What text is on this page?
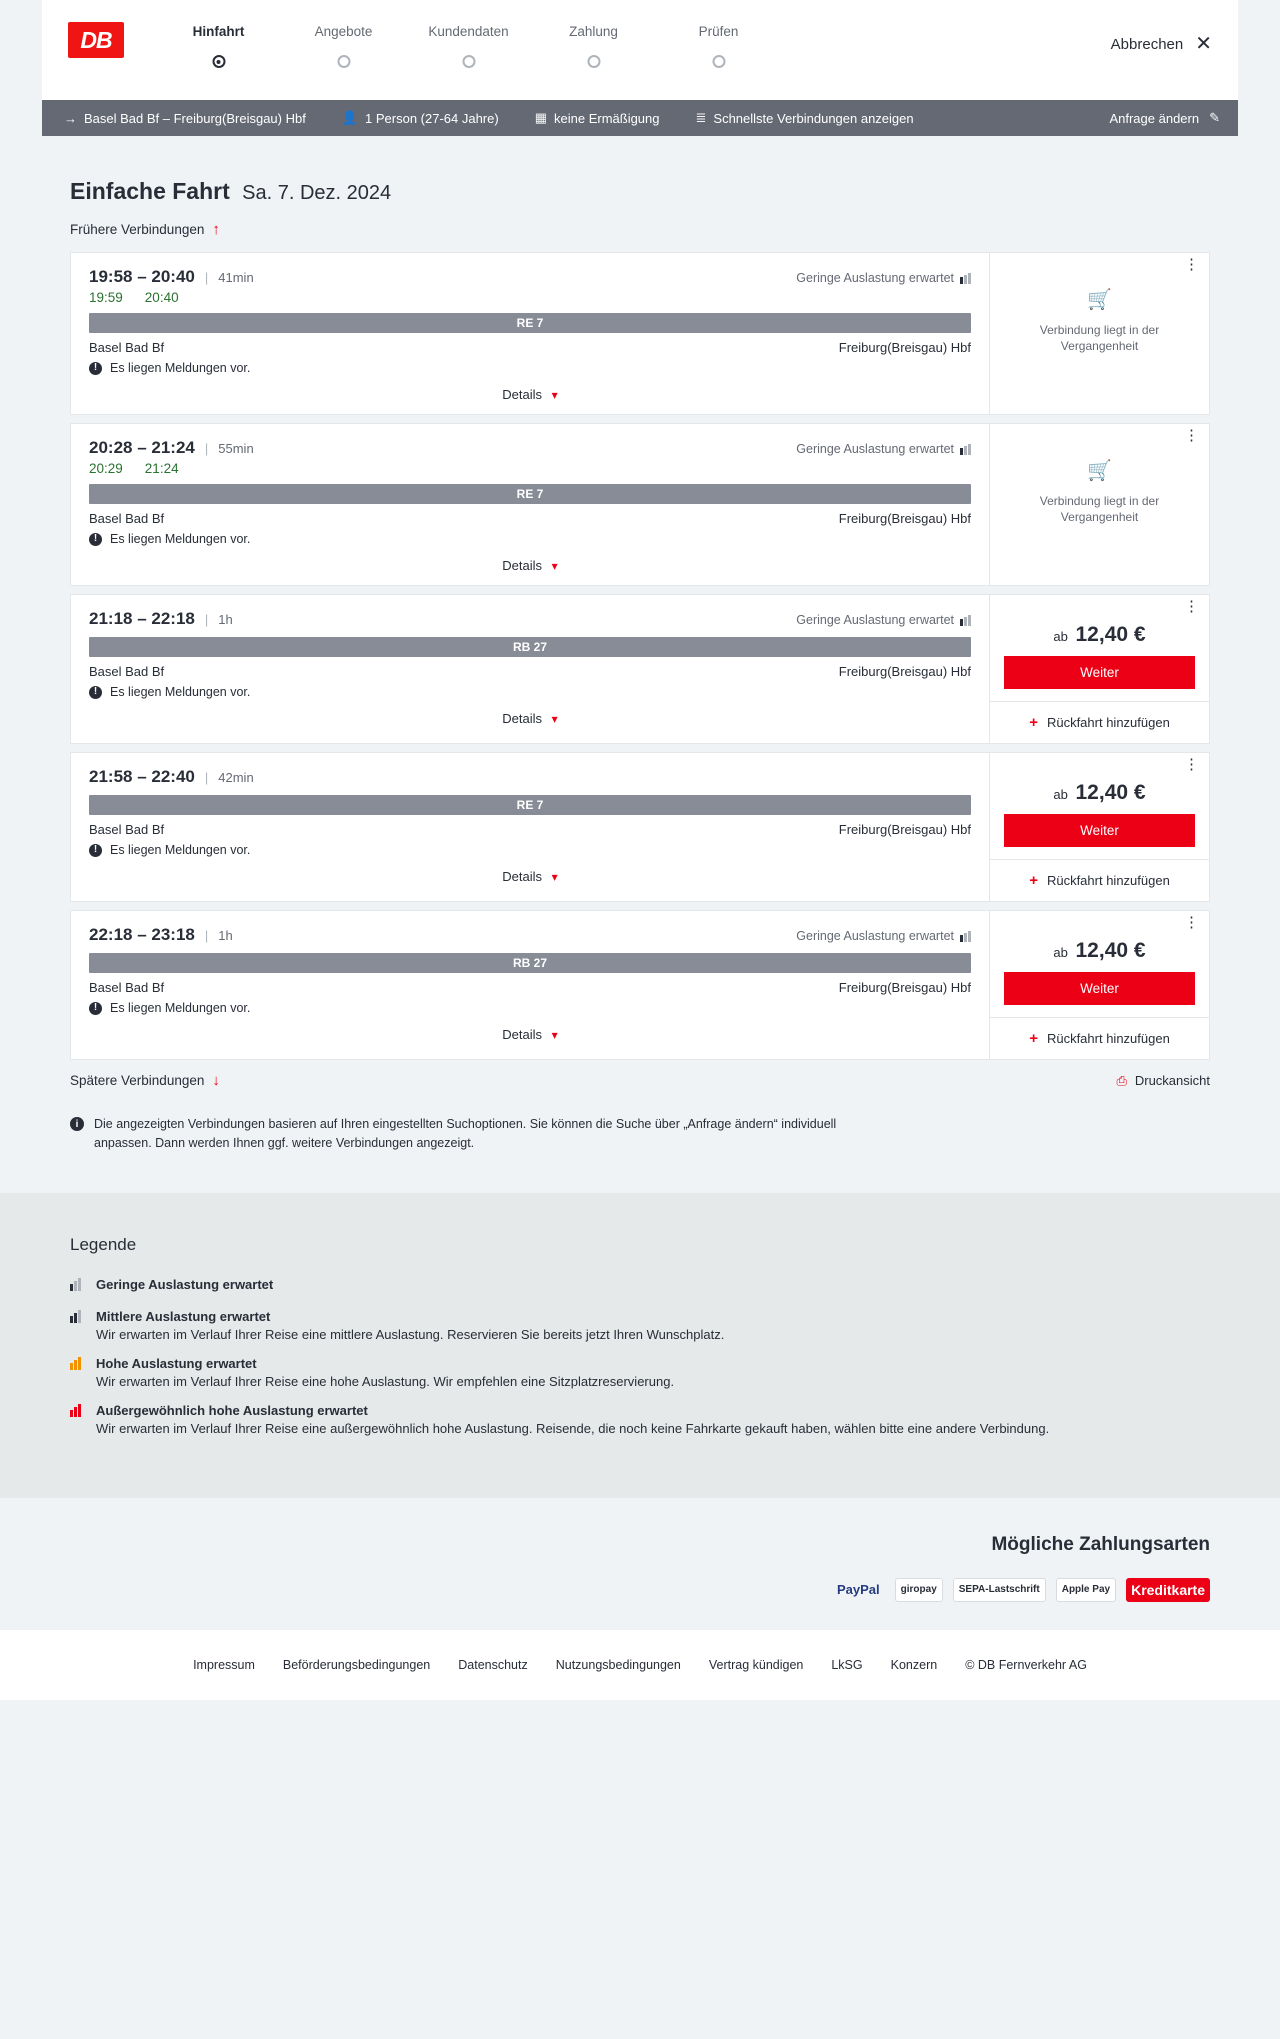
DB	Hinfahrt	Angebote	Kundendaten	Zahlung	Prüfen
Abbrechen ✕
→ Basel Bad Bf – Freiburg(Breisgau) Hbf	👤 1 Person (27-64 Jahre)	▦ keine Ermäßigung	≣ Schnellste Verbindungen anzeigen	Anfrage ändern ✎
Einfache Fahrt Sa. 7. Dez. 2024
Frühere Verbindungen ↑
19:58 – 20:40 | 41min	Geringe Auslastung erwartet
19:59 20:40
RE 7
Basel Bad Bf	Freiburg(Breisgau) Hbf
!	Es liegen Meldungen vor.
Details ▾
⋮
🛒
Verbindung liegt in der Vergangenheit
20:28 – 21:24 | 55min	Geringe Auslastung erwartet
20:29 21:24
RE 7
Basel Bad Bf	Freiburg(Breisgau) Hbf
!	Es liegen Meldungen vor.
Details ▾
⋮
🛒
Verbindung liegt in der Vergangenheit
21:18 – 22:18 | 1h	Geringe Auslastung erwartet
RB 27
Basel Bad Bf	Freiburg(Breisgau) Hbf
!	Es liegen Meldungen vor.
Details ▾
⋮
ab 12,40 €
Weiter
+ Rückfahrt hinzufügen
21:58 – 22:40 | 42min
RE 7
Basel Bad Bf	Freiburg(Breisgau) Hbf
!	Es liegen Meldungen vor.
Details ▾
⋮
ab 12,40 €
Weiter
+ Rückfahrt hinzufügen
22:18 – 23:18 | 1h	Geringe Auslastung erwartet
RB 27
Basel Bad Bf	Freiburg(Breisgau) Hbf
!	Es liegen Meldungen vor.
Details ▾
⋮
ab 12,40 €
Weiter
+ Rückfahrt hinzufügen
Spätere Verbindungen ↓	⎙ Druckansicht
i	Die angezeigten Verbindungen basieren auf Ihren eingestellten Suchoptionen. Sie können die Suche über „Anfrage ändern“ individuell anpassen. Dann werden Ihnen ggf. weitere Verbindungen angezeigt.
Legende
Geringe Auslastung erwartet
Mittlere Auslastung erwartet
Wir erwarten im Verlauf Ihrer Reise eine mittlere Auslastung. Reservieren Sie bereits jetzt Ihren Wunschplatz.
Hohe Auslastung erwartet
Wir erwarten im Verlauf Ihrer Reise eine hohe Auslastung. Wir empfehlen eine Sitzplatzreservierung.
Außergewöhnlich hohe Auslastung erwartet
Wir erwarten im Verlauf Ihrer Reise eine außergewöhnlich hohe Auslastung. Reisende, die noch keine Fahrkarte gekauft haben, wählen bitte eine andere Verbindung.
Mögliche Zahlungsarten
PayPal	giropay	SEPA-Lastschrift	Apple Pay	Kreditkarte
Impressum Beförderungsbedingungen Datenschutz Nutzungsbedingungen Vertrag kündigen LkSG Konzern © DB Fernverkehr AG
